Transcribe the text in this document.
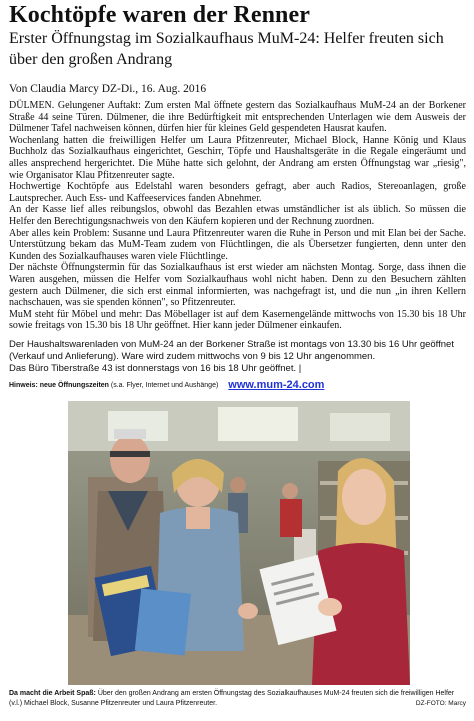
Kochtöpfe waren der Renner
Erster Öffnungstag im Sozialkaufhaus MuM-24: Helfer freuten sich über den großen Andrang
Von Claudia Marcy DZ-Di., 16. Aug. 2016

DÜLMEN. Gelungener Auftakt: Zum ersten Mal öffnete gestern das Sozialkaufhaus MuM-24 an der Borkener Straße 44 seine Türen. Dülmener, die ihre Bedürftigkeit mit entsprechenden Unterlagen wie dem Ausweis der Dülmener Tafel nachweisen können, dürfen hier für kleines Geld gespendeten Hausrat kaufen.

Wochenlang hatten die freiwilligen Helfer um Laura Pfitzenreuter, Michael Block, Hanne König und Klaus Buchholz das Sozialkaufhaus eingerichtet, Geschirr, Töpfe und Haushaltsgeräte in die Regale eingeräumt und alles ansprechend hergerichtet. Die Mühe hatte sich gelohnt, der Andrang am ersten Öffnungstag war „riesig", wie Organisator Klau Pfitzenreuter sagte.

Hochwertige Kochtöpfe aus Edelstahl waren besonders gefragt, aber auch Radios, Stereoanlagen, große Lautsprecher. Auch Ess- und Kaffeeservices fanden Abnehmer.

An der Kasse lief alles reibungslos, obwohl das Bezahlen etwas umständlicher ist als üblich. So müssen die Helfer den Berechtigungsnachweis von den Käufern kopieren und der Rechnung zuordnen.

Aber alles kein Problem: Susanne und Laura Pfitzenreuter waren die Ruhe in Person und mit Elan bei der Sache. Unterstützung bekam das MuM-Team zudem von Flüchtlingen, die als Übersetzer fungierten, denn unter den Kunden des Sozialkaufhauses waren viele Flüchtlinge.

Der nächste Öffnungstermin für das Sozialkaufhaus ist erst wieder am nächsten Montag. Sorge, dass ihnen die Waren ausgehen, müssen die Helfer vom Sozialkaufhaus wohl nicht haben. Denn zu den Besuchern zählten gestern auch Dülmener, die sich erst einmal informierten, was nachgefragt ist, und die nun „in ihren Kellern nachschauen, was sie spenden können", so Pfitzenreuter.

MuM steht für Möbel und mehr: Das Möbellager ist auf dem Kasernengelände mittwochs von 15.30 bis 18 Uhr sowie freitags von 15.30 bis 18 Uhr geöffnet. Hier kann jeder Dülmener einkaufen.

Der Haushaltswarenladen von MuM-24 an der Borkener Straße ist montags von 13.30 bis 16 Uhr geöffnet (Verkauf und Anlieferung). Ware wird zudem mittwochs von 9 bis 12 Uhr angenommen.

Das Büro Tiberstraße 43 ist donnerstags von 16 bis 18 Uhr geöffnet. |

Hinweis: neue Öffnungszeiten (s.a. Flyer, Internet und Aushänge) www.mum-24.com
Da macht die Arbeit Spaß: Über den großen Andrang am ersten Öffnungstag des Sozialkaufhauses MuM-24 freuten sich die freiwilligen Helfer (v.l.) Michael Block, Susanne Pfitzenreuter und Laura Pfitzenreuter.	DZ-FOTO: Marcy
